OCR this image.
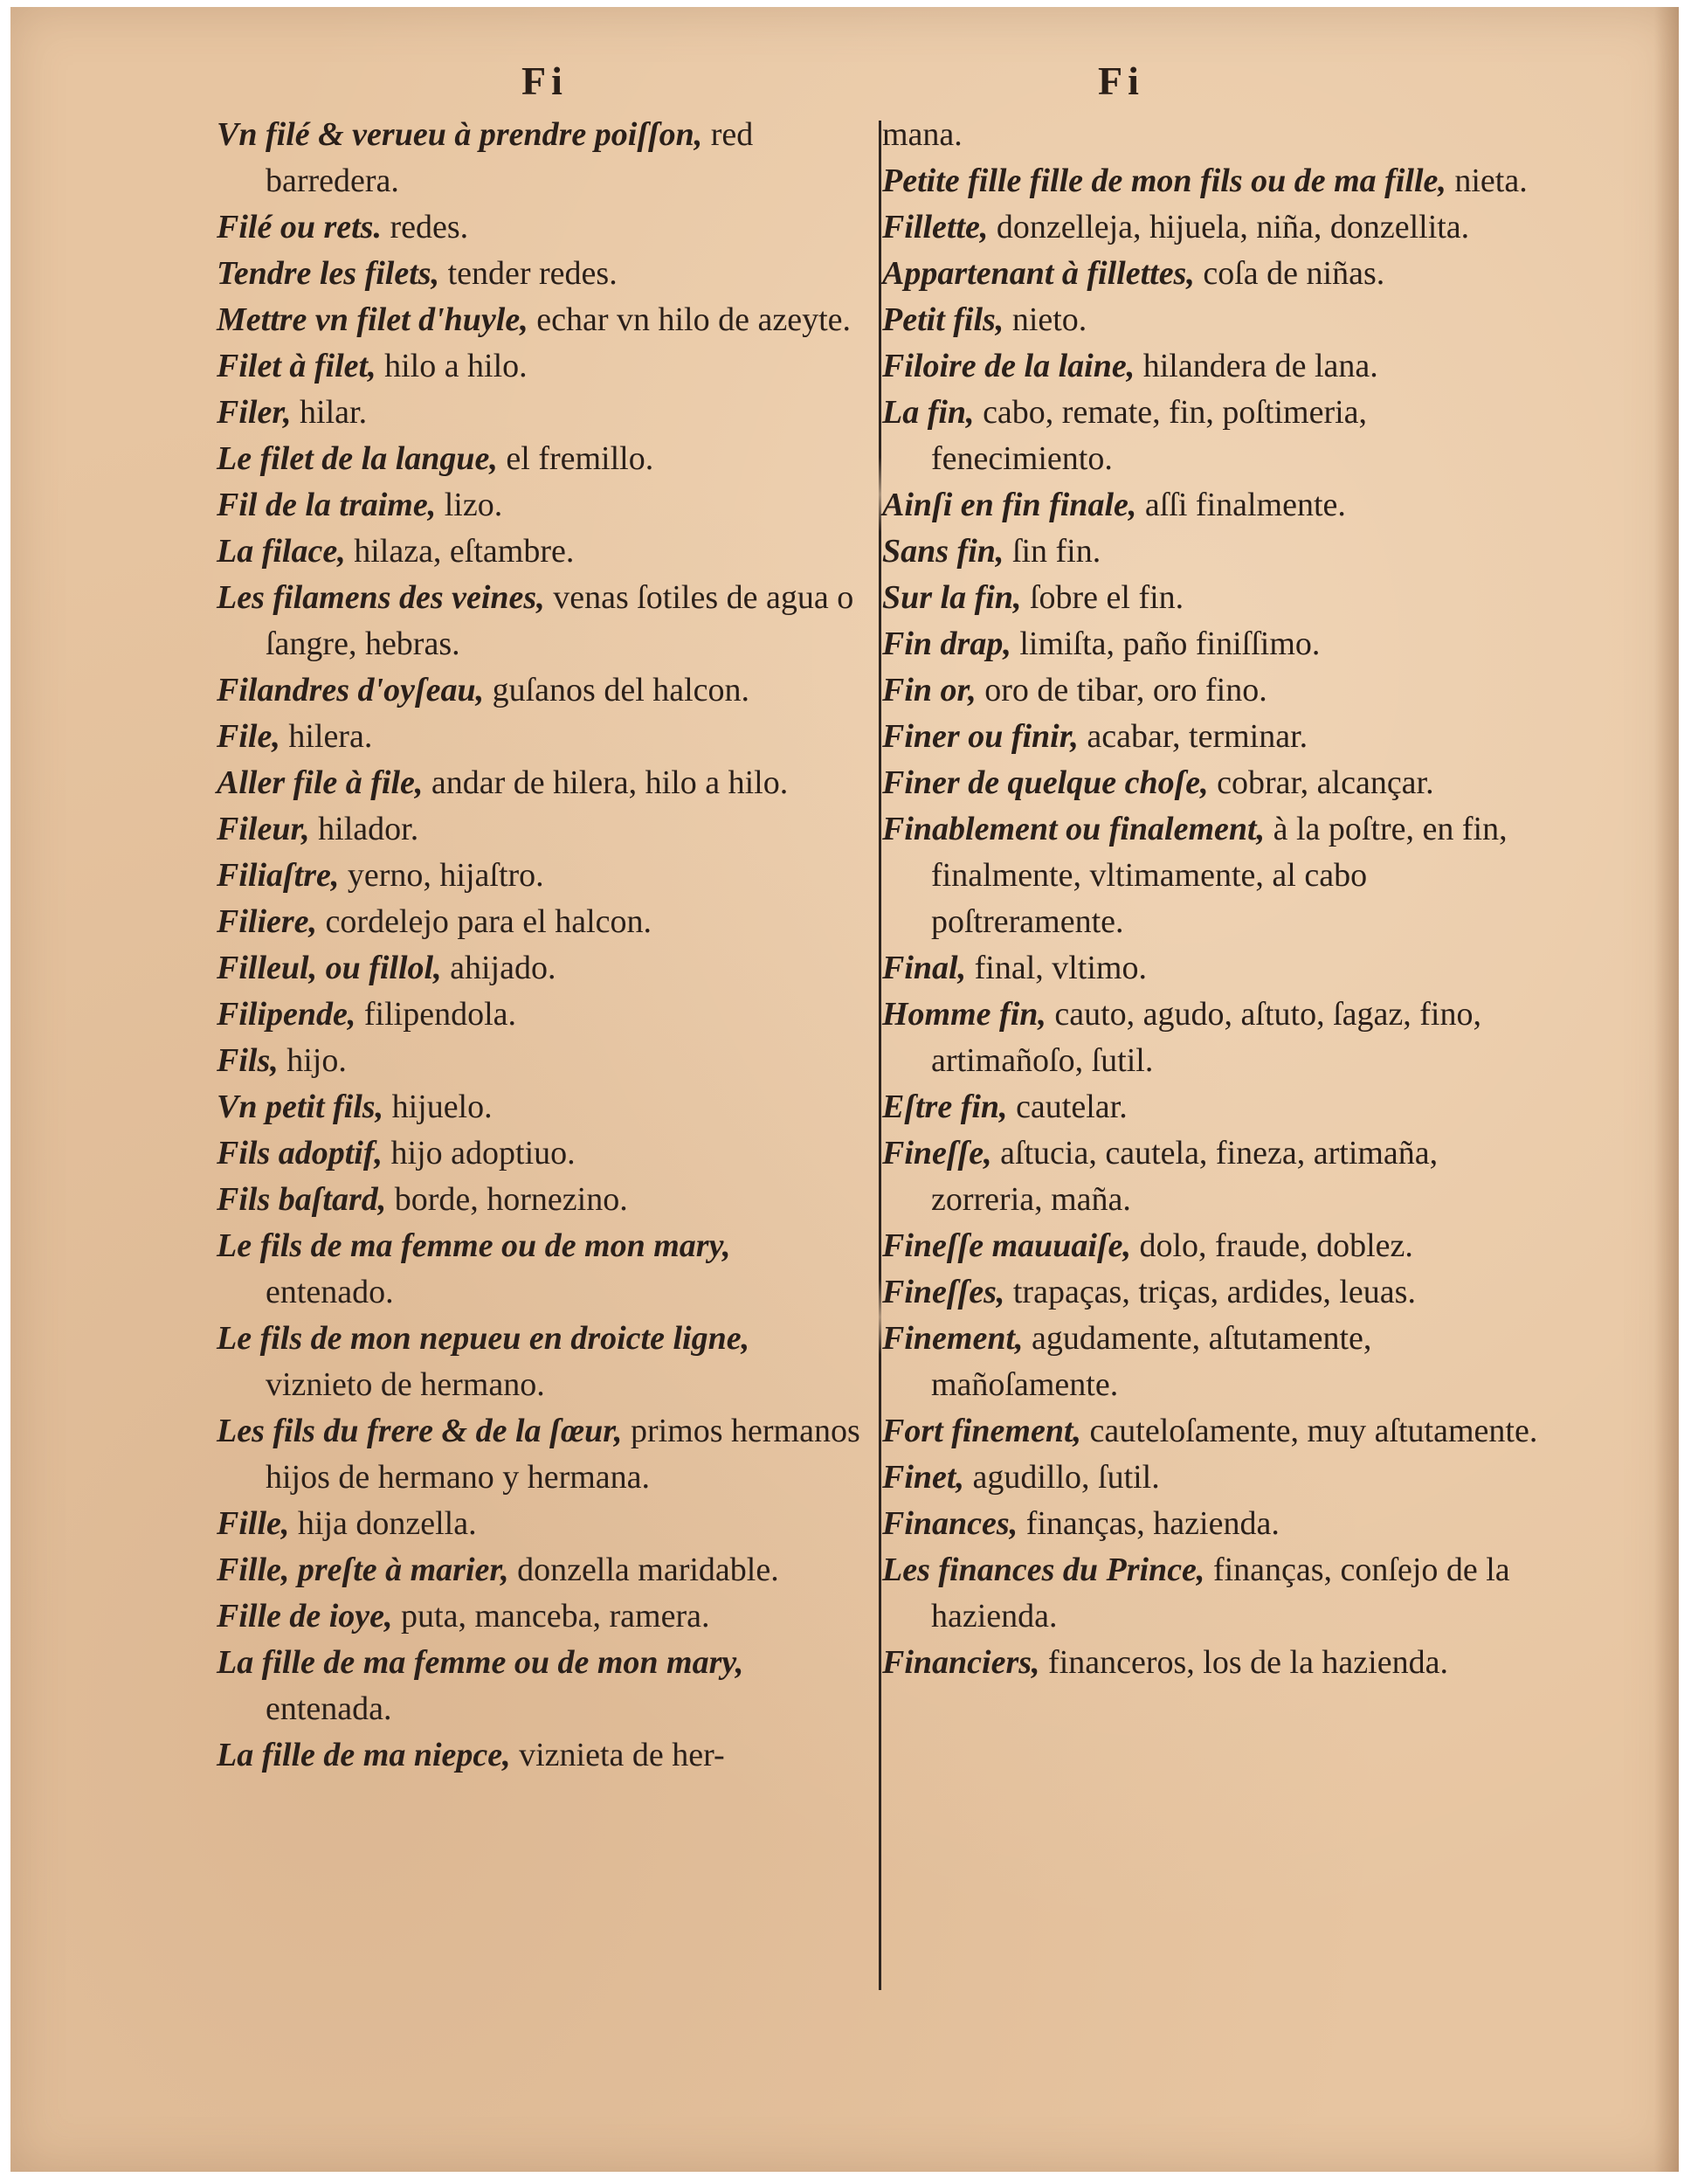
Fi	Fi

Vn filé & verueu à prendre poiſſon, red barredera.

Filé ou rets. redes.

Tendre les filets, tender redes.

Mettre vn filet d'huyle, echar vn hilo de azeyte.

Filet à filet, hilo a hilo.

Filer, hilar.

Le filet de la langue, el fremillo.

Fil de la traime, lizo.

La filace, hilaza, eſtambre.

Les filamens des veines, venas ſotiles de agua o ſangre, hebras.

Filandres d'oyſeau, guſanos del halcon.

File, hilera.

Aller file à file, andar de hilera, hilo a hilo.

Fileur, hilador.

Filiaſtre, yerno, hijaſtro.

Filiere, cordelejo para el halcon.

Filleul, ou fillol, ahijado.

Filipende, filipendola.

Fils, hijo.

Vn petit fils, hijuelo.

Fils adoptif, hijo adoptiuo.

Fils baſtard, borde, hornezino.

Le fils de ma femme ou de mon mary, entenado.

Le fils de mon nepueu en droicte ligne, viznieto de hermano.

Les fils du frere & de la ſœur, primos hermanos hijos de hermano y hermana.

Fille, hija donzella.

Fille, preſte à marier, donzella maridable.

Fille de ioye, puta, manceba, ramera.

La fille de ma femme ou de mon mary, entenada.

La fille de ma niepce, viznieta de her-

mana.

Petite fille fille de mon fils ou de ma fille, nieta.

Fillette, donzelleja, hijuela, niña, donzellita.

Appartenant à fillettes, coſa de niñas.

Petit fils, nieto.

Filoire de la laine, hilandera de lana.

La fin, cabo, remate, fin, poſtimeria, fenecimiento.

Ainſi en fin finale, aſſi finalmente.

Sans fin, ſin fin.

Sur la fin, ſobre el fin.

Fin drap, limiſta, paño finiſſimo.

Fin or, oro de tibar, oro fino.

Finer ou finir, acabar, terminar.

Finer de quelque choſe, cobrar, alcançar.

Finablement ou finalement, à la poſtre, en fin, finalmente, vltimamente, al cabo poſtreramente.

Final, final, vltimo.

Homme fin, cauto, agudo, aſtuto, ſagaz, fino, artimañoſo, ſutil.

Eſtre fin, cautelar.

Fineſſe, aſtucia, cautela, fineza, artimaña, zorreria, maña.

Fineſſe mauuaiſe, dolo, fraude, doblez.

Fineſſes, trapaças, triças, ardides, leuas.

Finement, agudamente, aſtutamente, mañoſamente.

Fort finement, cauteloſamente, muy aſtutamente.

Finet, agudillo, ſutil.

Finances, finanças, hazienda.

Les finances du Prince, finanças, conſejo de la hazienda.

Financiers, financeros, los de la hazienda.
